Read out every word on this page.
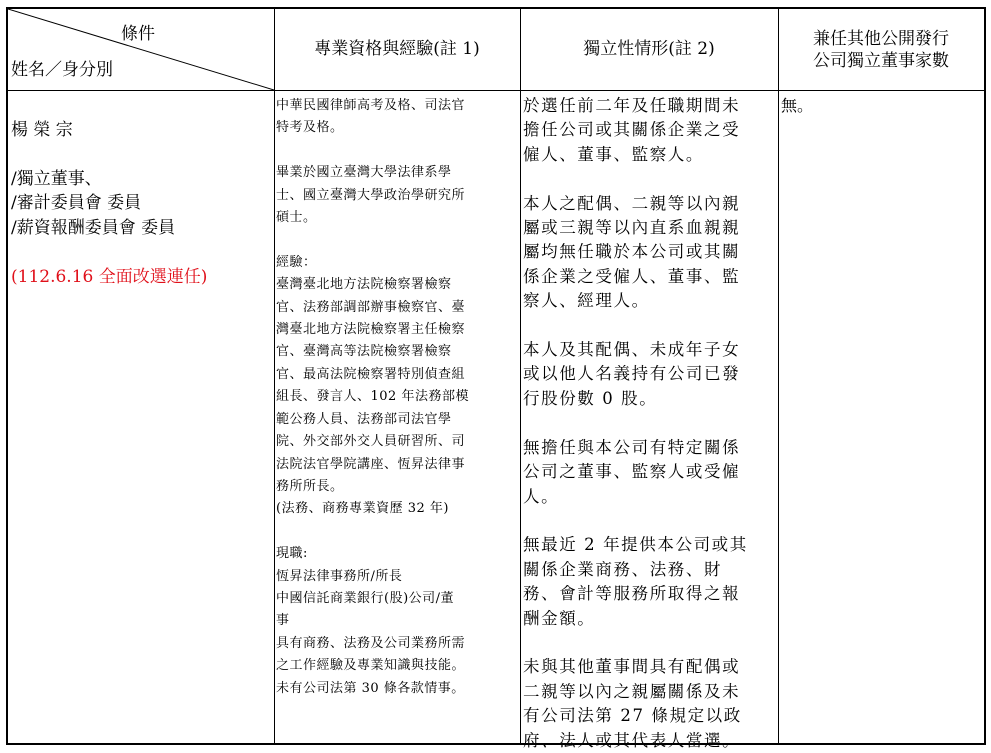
條件
姓名／身分別
專業資格與經驗(註 1)	獨立性情形(註 2)	兼任其他公開發行
公司獨立董事家數

楊 榮 宗

/獨立董事、
/審計委員會 委員
/薪資報酬委員會 委員

(112.6.16 全面改選連任)

中華民國律師高考及格、司法官
特考及格。

畢業於國立臺灣大學法律系學
士、國立臺灣大學政治學研究所
碩士。

經驗：
臺灣臺北地方法院檢察署檢察
官、法務部調部辦事檢察官、臺
灣臺北地方法院檢察署主任檢察
官、臺灣高等法院檢察署檢察
官、最高法院檢察署特別偵查組
組長、發言人、102 年法務部模
範公務人員、法務部司法官學
院、外交部外交人員研習所、司
法院法官學院講座、恆昇法律事
務所所長。
(法務、商務專業資歷 32 年)

現職:
恆昇法律事務所/所長
中國信託商業銀行(股)公司/董
事
具有商務、法務及公司業務所需
之工作經驗及專業知識與技能。
未有公司法第 30 條各款情事。
於選任前二年及任職期間未
擔任公司或其關係企業之受
僱人、董事、監察人。

本人之配偶、二親等以內親
屬或三親等以內直系血親親
屬均無任職於本公司或其關
係企業之受僱人、董事、監
察人、經理人。

本人及其配偶、未成年子女
或以他人名義持有公司已發
行股份數 0 股。

無擔任與本公司有特定關係
公司之董事、監察人或受僱
人。

無最近 2 年提供本公司或其
關係企業商務、法務、財
務、會計等服務所取得之報
酬金額。

未與其他董事間具有配偶或
二親等以內之親屬關係及未
有公司法第 27 條規定以政
府、法人或其代表人當選。
無。
